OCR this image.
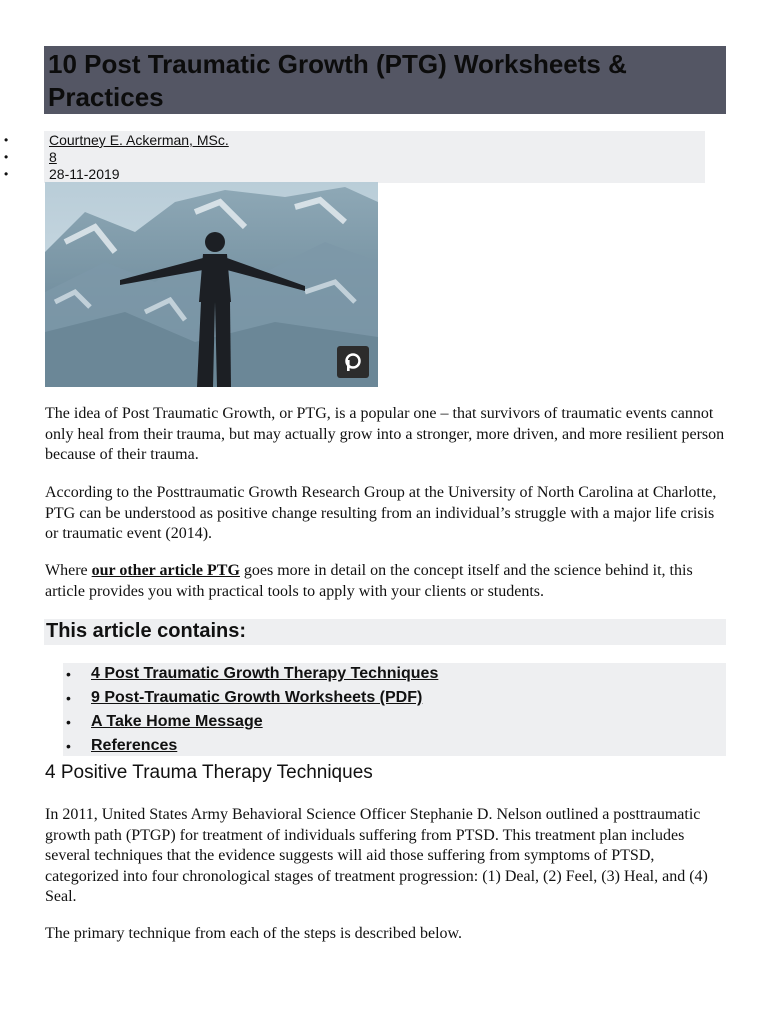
10 Post Traumatic Growth (PTG) Worksheets & Practices
• Courtney E. Ackerman, MSc.
• 8
• 28-11-2019

The idea of Post Traumatic Growth, or PTG, is a popular one – that survivors of traumatic events cannot only heal from their trauma, but may actually grow into a stronger, more driven, and more resilient person because of their trauma.

According to the Posttraumatic Growth Research Group at the University of North Carolina at Charlotte, PTG can be understood as positive change resulting from an individual’s struggle with a major life crisis or traumatic event (2014).

Where our other article PTG goes more in detail on the concept itself and the science behind it, this article provides you with practical tools to apply with your clients or students.

This article contains:
• 4 Post Traumatic Growth Therapy Techniques
• 9 Post-Traumatic Growth Worksheets (PDF)
• A Take Home Message
• References
4 Positive Trauma Therapy Techniques

In 2011, United States Army Behavioral Science Officer Stephanie D. Nelson outlined a posttraumatic growth path (PTGP) for treatment of individuals suffering from PTSD. This treatment plan includes several techniques that the evidence suggests will aid those suffering from symptoms of PTSD, categorized into four chronological stages of treatment progression: (1) Deal, (2) Feel, (3) Heal, and (4) Seal.

The primary technique from each of the steps is described below.
